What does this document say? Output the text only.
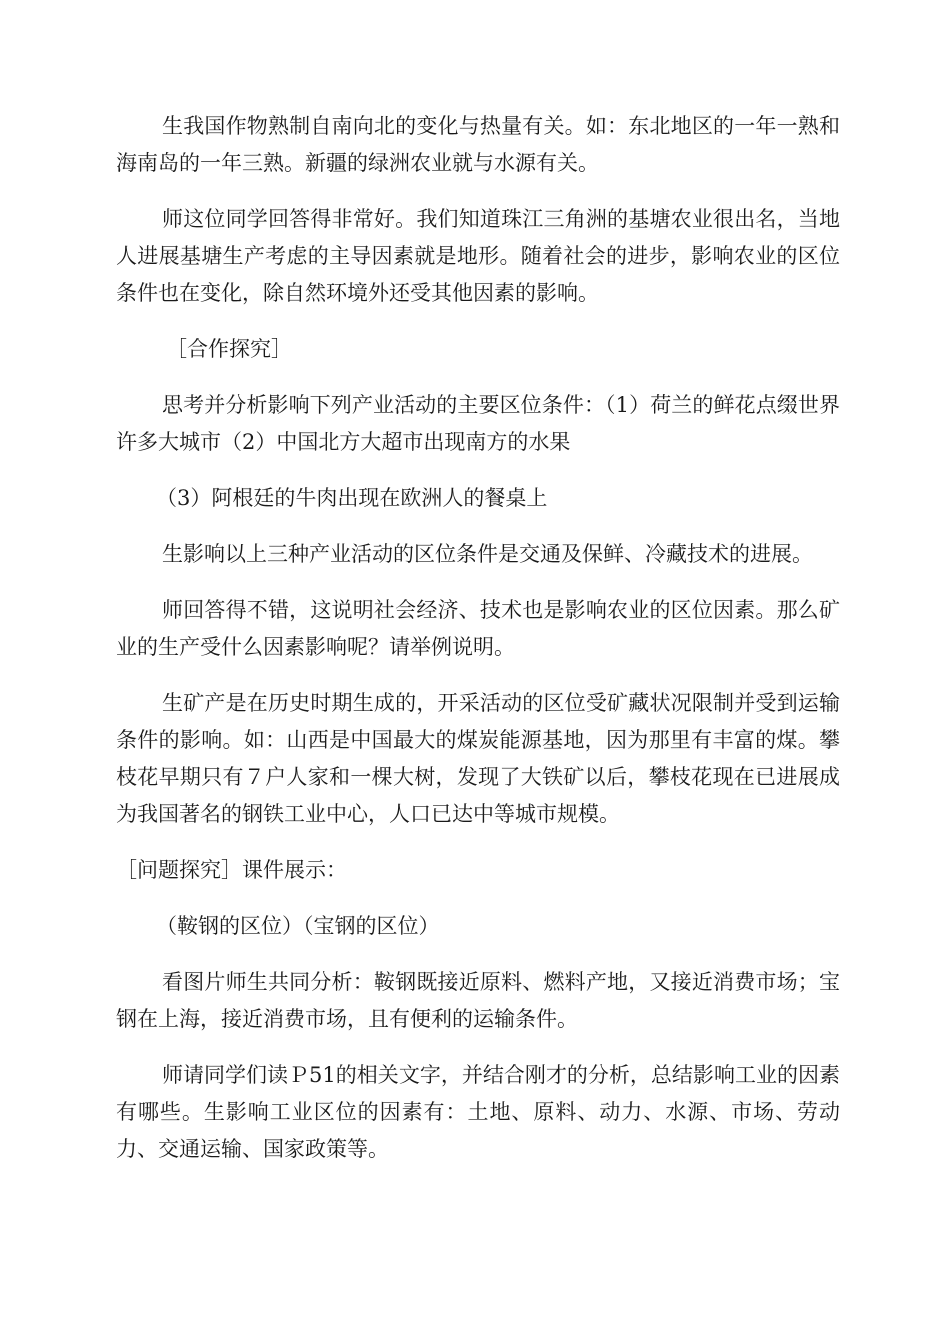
生我国作物熟制自南向北的变化与热量有关。如：东北地区的一年一熟和海南岛的一年三熟。新疆的绿洲农业就与水源有关。

师这位同学回答得非常好。我们知道珠江三角洲的基塘农业很出名，当地人进展基塘生产考虑的主导因素就是地形。随着社会的进步，影响农业的区位条件也在变化，除自然环境外还受其他因素的影响。

［合作探究］

思考并分析影响下列产业活动的主要区位条件：（1）荷兰的鲜花点缀世界许多大城市（2）中国北方大超市出现南方的水果

（3）阿根廷的牛肉出现在欧洲人的餐桌上

生影响以上三种产业活动的区位条件是交通及保鲜、冷藏技术的进展。

师回答得不错，这说明社会经济、技术也是影响农业的区位因素。那么矿业的生产受什么因素影响呢？请举例说明。

生矿产是在历史时期生成的，开采活动的区位受矿藏状况限制并受到运输条件的影响。如：山西是中国最大的煤炭能源基地，因为那里有丰富的煤。攀枝花早期只有７户人家和一棵大树，发现了大铁矿以后，攀枝花现在已进展成为我国著名的钢铁工业中心，人口已达中等城市规模。

［问题探究］课件展示：

（鞍钢的区位）（宝钢的区位）

看图片师生共同分析：鞍钢既接近原料、燃料产地，又接近消费市场；宝钢在上海，接近消费市场，且有便利的运输条件。

师请同学们读Ｐ51的相关文字，并结合刚才的分析，总结影响工业的因素有哪些。生影响工业区位的因素有：土地、原料、动力、水源、市场、劳动力、交通运输、国家政策等。
